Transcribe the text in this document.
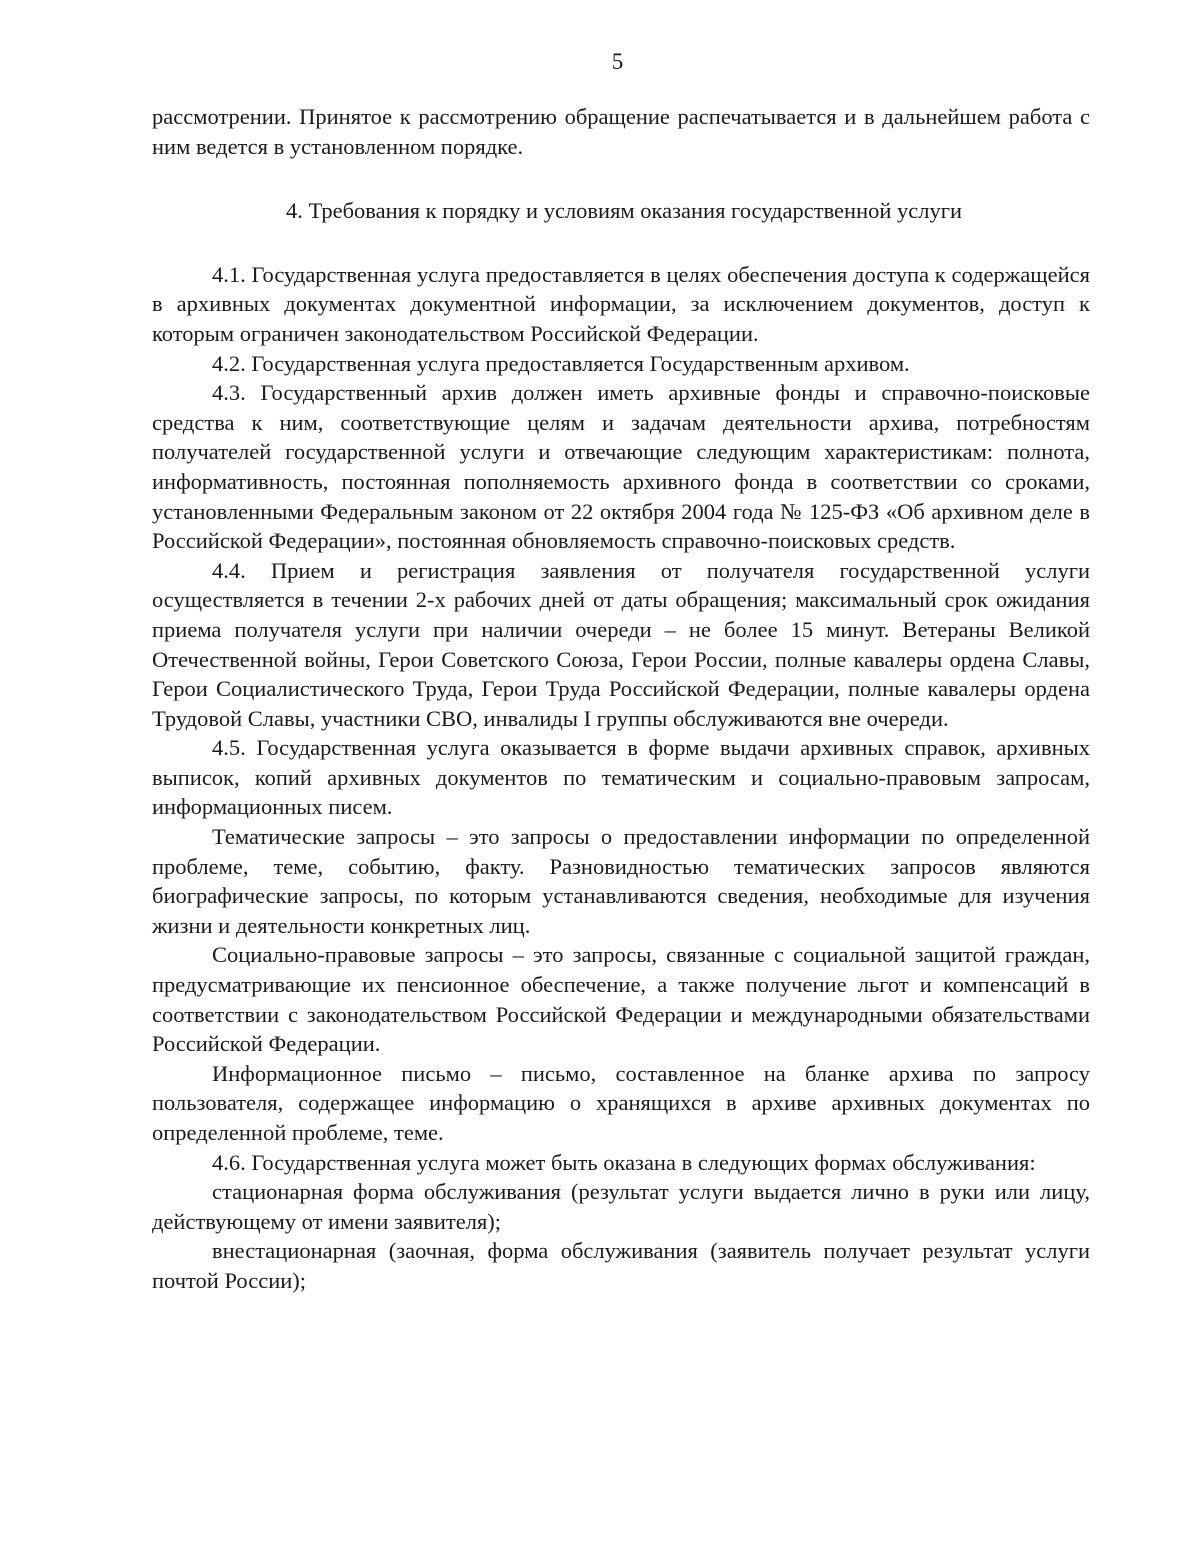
5

рассмотрении. Принятое к рассмотрению обращение распечатывается и в дальнейшем работа с ним ведется в установленном порядке.

4. Требования к порядку и условиям оказания государственной услуги

4.1. Государственная услуга предоставляется в целях обеспечения доступа к содержащейся в архивных документах документной информации, за исключением документов, доступ к которым ограничен законодательством Российской Федерации.

4.2. Государственная услуга предоставляется Государственным архивом.

4.3. Государственный архив должен иметь архивные фонды и справочно-поисковые средства к ним, соответствующие целям и задачам деятельности архива, потребностям получателей государственной услуги и отвечающие следующим характеристикам: полнота, информативность, постоянная пополняемость архивного фонда в соответствии со сроками, установленными Федеральным законом от 22 октября 2004 года № 125-ФЗ «Об архивном деле в Российской Федерации», постоянная обновляемость справочно-поисковых средств.

4.4. Прием и регистрация заявления от получателя государственной услуги осуществляется в течении 2-х рабочих дней от даты обращения; максимальный срок ожидания приема получателя услуги при наличии очереди – не более 15 минут. Ветераны Великой Отечественной войны, Герои Советского Союза, Герои России, полные кавалеры ордена Славы, Герои Социалистического Труда, Герои Труда Российской Федерации, полные кавалеры ордена Трудовой Славы, участники СВО, инвалиды I группы обслуживаются вне очереди.

4.5. Государственная услуга оказывается в форме выдачи архивных справок, архивных выписок, копий архивных документов по тематическим и социально-правовым запросам, информационных писем.

Тематические запросы – это запросы о предоставлении информации по определенной проблеме, теме, событию, факту. Разновидностью тематических запросов являются биографические запросы, по которым устанавливаются сведения, необходимые для изучения жизни и деятельности конкретных лиц.

Социально-правовые запросы – это запросы, связанные с социальной защитой граждан, предусматривающие их пенсионное обеспечение, а также получение льгот и компенсаций в соответствии с законодательством Российской Федерации и международными обязательствами Российской Федерации.

Информационное письмо – письмо, составленное на бланке архива по запросу пользователя, содержащее информацию о хранящихся в архиве архивных документах по определенной проблеме, теме.

4.6. Государственная услуга может быть оказана в следующих формах обслуживания:

стационарная форма обслуживания (результат услуги выдается лично в руки или лицу, действующему от имени заявителя);

внестационарная (заочная, форма обслуживания (заявитель получает результат услуги почтой России);
